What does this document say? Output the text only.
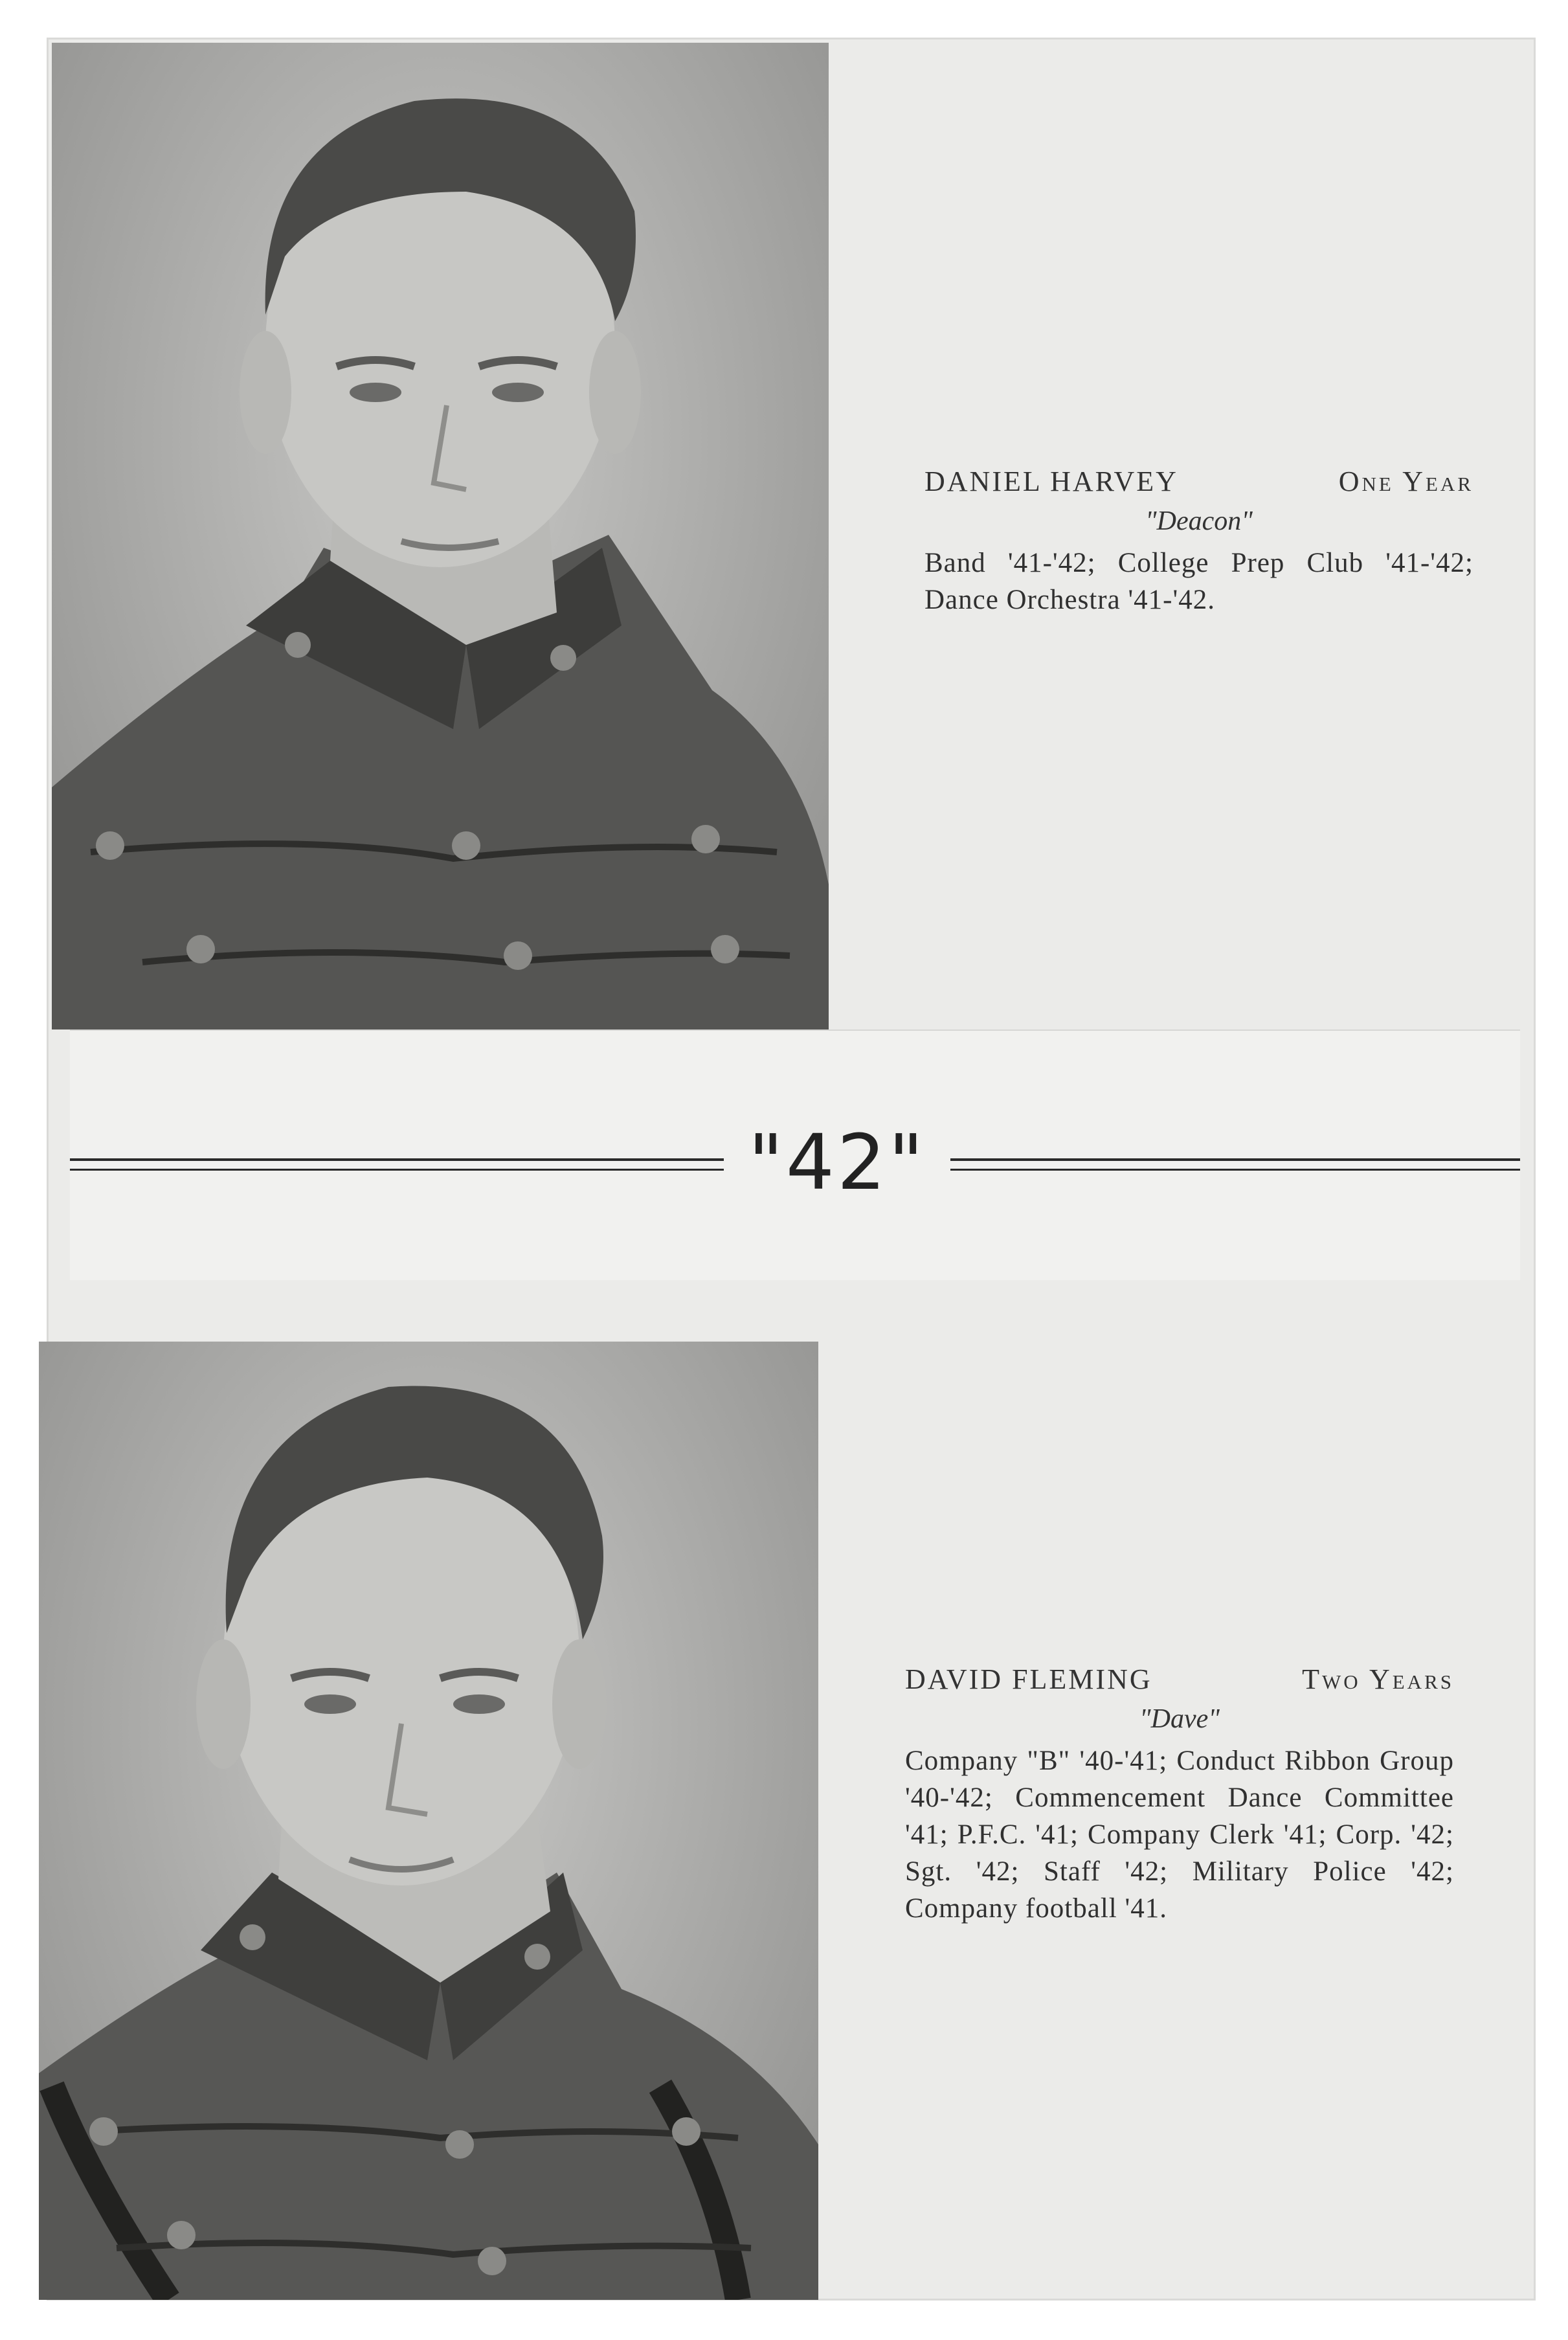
DANIEL HARVEY	One Year
"Deacon"
Band '41-'42; College Prep Club '41-'42; Dance Orchestra '41-'42.
"42"
DAVID FLEMING	Two Years
"Dave"
Company "B" '40-'41; Conduct Ribbon Group '40-'42; Commencement Dance Committee '41; P.F.C. '41; Company Clerk '41; Corp. '42; Sgt. '42; Staff '42; Military Police '42; Company football '41.
